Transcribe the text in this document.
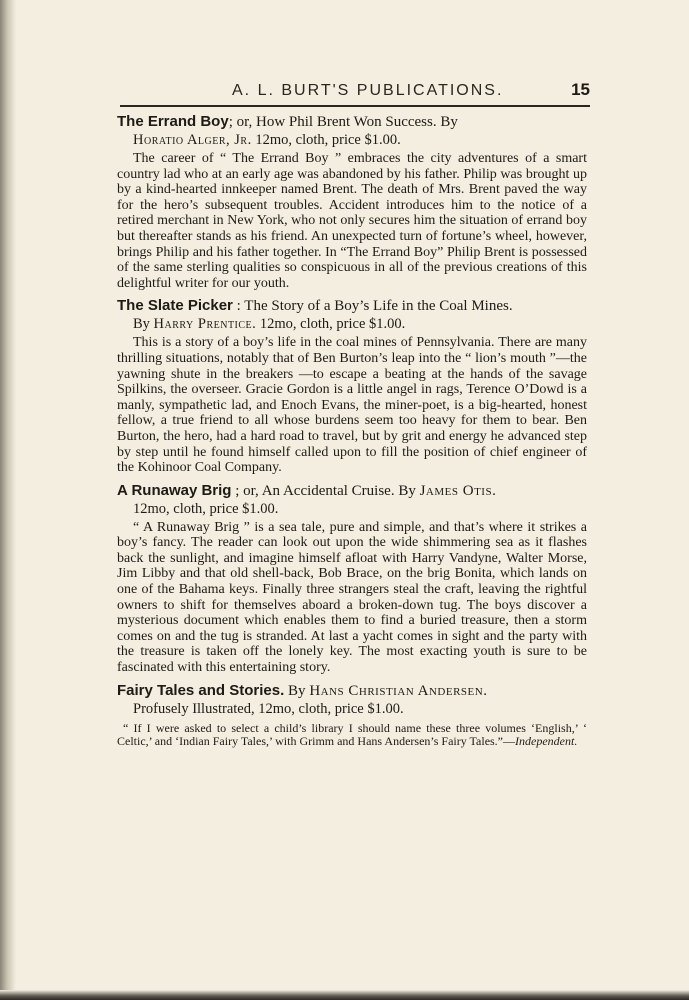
A. L. BURT'S PUBLICATIONS.	15

The Errand Boy; or, How Phil Brent Won Success. By

Horatio Alger, Jr. 12mo, cloth, price $1.00.

The career of “ The Errand Boy ” embraces the city adventures of a smart country lad who at an early age was abandoned by his father. Philip was brought up by a kind-hearted innkeeper named Brent. The death of Mrs. Brent paved the way for the hero’s subsequent troubles. Accident introduces him to the notice of a retired merchant in New York, who not only secures him the situation of errand boy but thereafter stands as his friend. An unexpected turn of fortune’s wheel, however, brings Philip and his father together. In “The Errand Boy” Philip Brent is possessed of the same sterling qualities so conspicuous in all of the previous creations of this delightful writer for our youth.

The Slate Picker : The Story of a Boy’s Life in the Coal Mines.

By Harry Prentice. 12mo, cloth, price $1.00.

This is a story of a boy’s life in the coal mines of Pennsylvania. There are many thrilling situations, notably that of Ben Burton’s leap into the “ lion’s mouth ”—the yawning shute in the breakers —to escape a beating at the hands of the savage Spilkins, the overseer. Gracie Gordon is a little angel in rags, Terence O’Dowd is a manly, sympathetic lad, and Enoch Evans, the miner-poet, is a big-hearted, honest fellow, a true friend to all whose burdens seem too heavy for them to bear. Ben Burton, the hero, had a hard road to travel, but by grit and energy he advanced step by step until he found himself called upon to fill the position of chief engineer of the Kohinoor Coal Company.

A Runaway Brig ; or, An Accidental Cruise. By James Otis.

12mo, cloth, price $1.00.

“ A Runaway Brig ” is a sea tale, pure and simple, and that’s where it strikes a boy’s fancy. The reader can look out upon the wide shimmering sea as it flashes back the sunlight, and imagine himself afloat with Harry Vandyne, Walter Morse, Jim Libby and that old shell-back, Bob Brace, on the brig Bonita, which lands on one of the Bahama keys. Finally three strangers steal the craft, leaving the rightful owners to shift for themselves aboard a broken-down tug. The boys discover a mysterious document which enables them to find a buried treasure, then a storm comes on and the tug is stranded. At last a yacht comes in sight and the party with the treasure is taken off the lonely key. The most exacting youth is sure to be fascinated with this entertaining story.

Fairy Tales and Stories. By Hans Christian Andersen.

Profusely Illustrated, 12mo, cloth, price $1.00.

“ If I were asked to select a child’s library I should name these three volumes ‘English,’ ‘ Celtic,’ and ‘Indian Fairy Tales,’ with Grimm and Hans Andersen’s Fairy Tales.”—Independent.
